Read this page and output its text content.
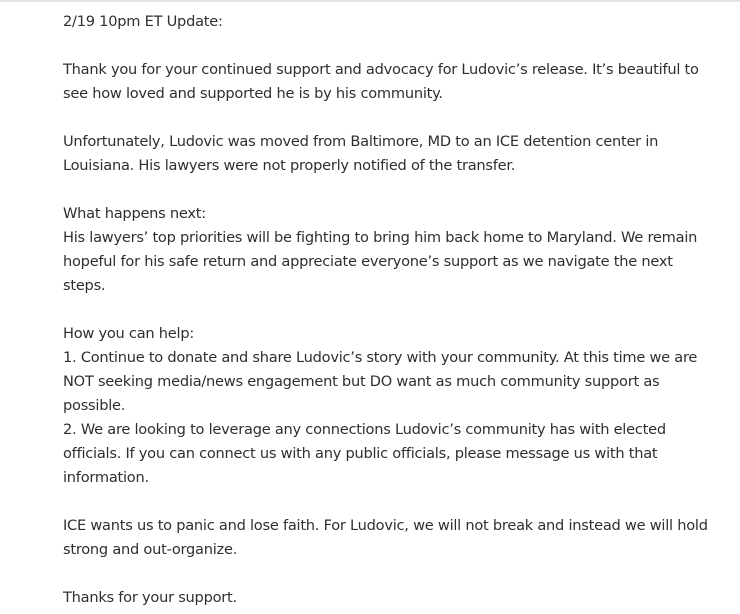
2/19 10pm ET Update:

Thank you for your continued support and advocacy for Ludovic’s release. It’s beautiful to
see how loved and supported he is by his community.

Unfortunately, Ludovic was moved from Baltimore, MD to an ICE detention center in
Louisiana. His lawyers were not properly notified of the transfer.

What happens next:
His lawyers’ top priorities will be fighting to bring him back home to Maryland. We remain
hopeful for his safe return and appreciate everyone’s support as we navigate the next
steps.

How you can help:
1. Continue to donate and share Ludovic’s story with your community. At this time we are
NOT seeking media/news engagement but DO want as much community support as
possible.
2. We are looking to leverage any connections Ludovic’s community has with elected
officials. If you can connect us with any public officials, please message us with that
information.

ICE wants us to panic and lose faith. For Ludovic, we will not break and instead we will hold
strong and out-organize.

Thanks for your support.
